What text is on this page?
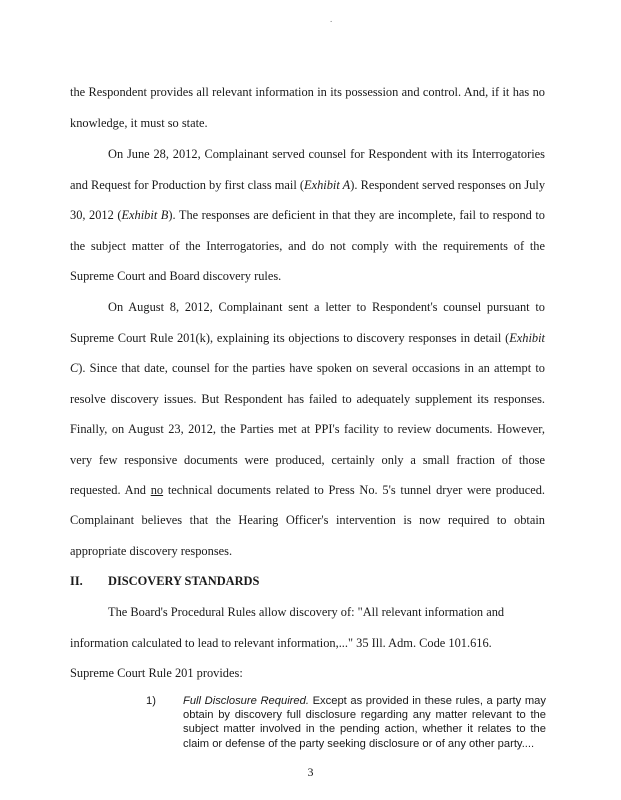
.
the Respondent provides all relevant information in its possession and control. And, if it has no
knowledge, it must so state.
On June 28, 2012, Complainant served counsel for Respondent with its Interrogatories
and Request for Production by first class mail (Exhibit A). Respondent served responses on July
30, 2012 (Exhibit B). The responses are deficient in that they are incomplete, fail to respond to
the subject matter of the Interrogatories, and do not comply with the requirements of the
Supreme Court and Board discovery rules.
On August 8, 2012, Complainant sent a letter to Respondent's counsel pursuant to
Supreme Court Rule 201(k), explaining its objections to discovery responses in detail (Exhibit
C). Since that date, counsel for the parties have spoken on several occasions in an attempt to
resolve discovery issues. But Respondent has failed to adequately supplement its responses.
Finally, on August 23, 2012, the Parties met at PPI's facility to review documents. However,
very few responsive documents were produced, certainly only a small fraction of those
requested. And no technical documents related to Press No. 5's tunnel dryer were produced.
Complainant believes that the Hearing Officer's intervention is now required to obtain
appropriate discovery responses.
II. DISCOVERY STANDARDS
The Board's Procedural Rules allow discovery of: "All relevant information and
information calculated to lead to relevant information,..." 35 Ill. Adm. Code 101.616.
Supreme Court Rule 201 provides:
1) Full Disclosure Required. Except as provided in these rules, a party may obtain by discovery full disclosure regarding any matter relevant to the subject matter involved in the pending action, whether it relates to the claim or defense of the party seeking disclosure or of any other party....
3
